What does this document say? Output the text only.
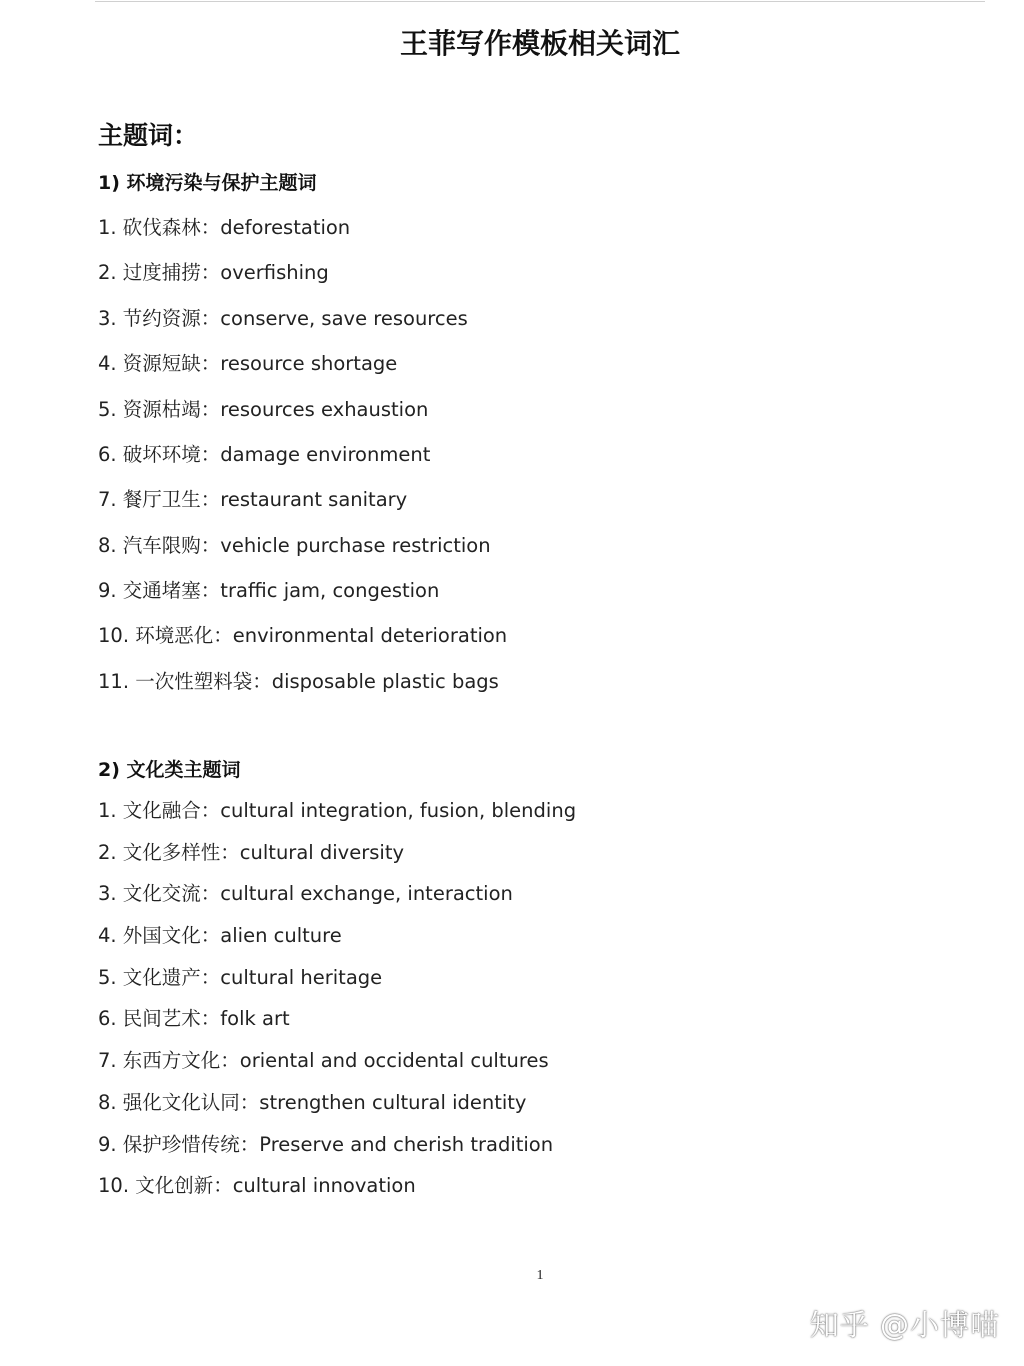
王菲写作模板相关词汇
主题词：
1) 环境污染与保护主题词
1. 砍伐森林：deforestation
2. 过度捕捞：overfishing
3. 节约资源：conserve, save resources
4. 资源短缺：resource shortage
5. 资源枯竭：resources exhaustion
6. 破坏环境：damage environment
7. 餐厅卫生：restaurant sanitary
8. 汽车限购：vehicle purchase restriction
9. 交通堵塞：traffic jam, congestion
10. 环境恶化：environmental deterioration
11. 一次性塑料袋：disposable plastic bags
2) 文化类主题词
1. 文化融合：cultural integration, fusion, blending
2. 文化多样性：cultural diversity
3. 文化交流：cultural exchange, interaction
4. 外国文化：alien culture
5. 文化遗产：cultural heritage
6. 民间艺术：folk art
7. 东西方文化：oriental and occidental cultures
8. 强化文化认同：strengthen cultural identity
9. 保护珍惜传统：Preserve and cherish tradition
10. 文化创新：cultural innovation
1
知乎 @小博喵
